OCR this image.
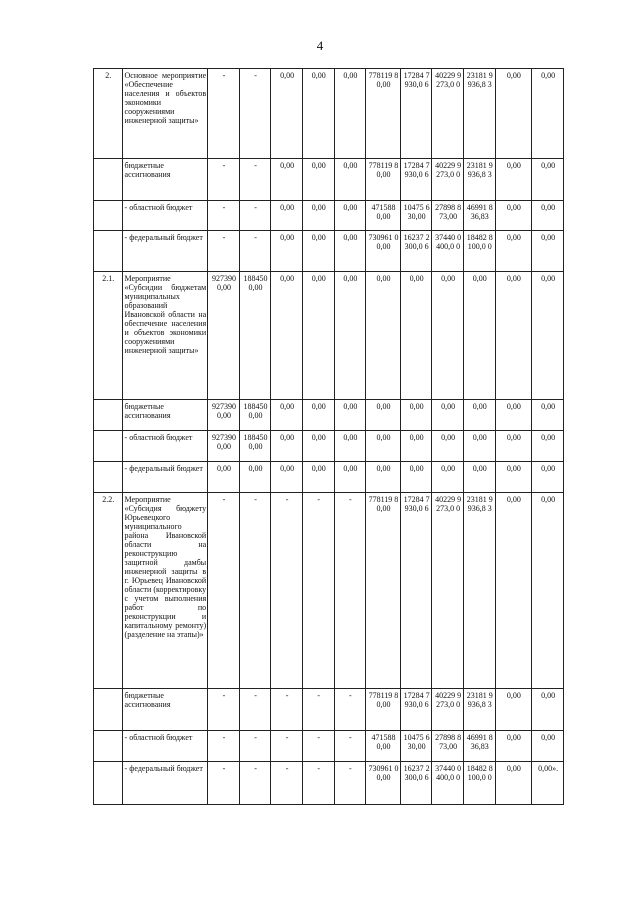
4
2.	Основное мероприятие «Обеспечение населения и объектов экономики сооружениями инженерной защиты»	-	-	0,00	0,00	0,00	778119 80,00	17284 7930,0 6	40229 9273,0 0	23181 9936,8 3	0,00	0,00
	бюджетные ассигнования	-	-	0,00	0,00	0,00	778119 80,00	17284 7930,0 6	40229 9273,0 0	23181 9936,8 3	0,00	0,00
	- областной бюджет	-	-	0,00	0,00	0,00	471588 0,00	10475 630,00	27898 873,00	46991 836,83	0,00	0,00
	- федеральный бюджет	-	-	0,00	0,00	0,00	730961 00,00	16237 2300,0 6	37440 0400,0 0	18482 8100,0 0	0,00	0,00
2.1.	Мероприятие «Субсидии бюджетам муниципальных образований Ивановской области на обеспечение населения и объектов экономики сооружениями инженерной защиты»	927390 0,00	188450 0,00	0,00	0,00	0,00	0,00	0,00	0,00	0,00	0,00	0,00
	бюджетные ассигнования	927390 0,00	188450 0,00	0,00	0,00	0,00	0,00	0,00	0,00	0,00	0,00	0,00
	- областной бюджет	927390 0,00	188450 0,00	0,00	0,00	0,00	0,00	0,00	0,00	0,00	0,00	0,00
	- федеральный бюджет	0,00	0,00	0,00	0,00	0,00	0,00	0,00	0,00	0,00	0,00	0,00
2.2.	Мероприятие «Субсидия бюджету Юрьевецкого муниципального района Ивановской области на реконструкцию защитной дамбы инженерной защиты в г. Юрьевец Ивановской области (корректировку с учетом выполнения работ по реконструкции и капитальному ремонту) (разделение на этапы)»	-	-	-	-	-	778119 80,00	17284 7930,0 6	40229 9273,0 0	23181 9936,8 3	0,00	0,00
	бюджетные ассигнования	-	-	-	-	-	778119 80,00	17284 7930,0 6	40229 9273,0 0	23181 9936,8 3	0,00	0,00
	- областной бюджет	-	-	-	-	-	471588 0,00	10475 630,00	27898 873,00	46991 836,83	0,00	0,00
	- федеральный бюджет	-	-	-	-	-	730961 00,00	16237 2300,0 6	37440 0400,0 0	18482 8100,0 0	0,00	0,00».
